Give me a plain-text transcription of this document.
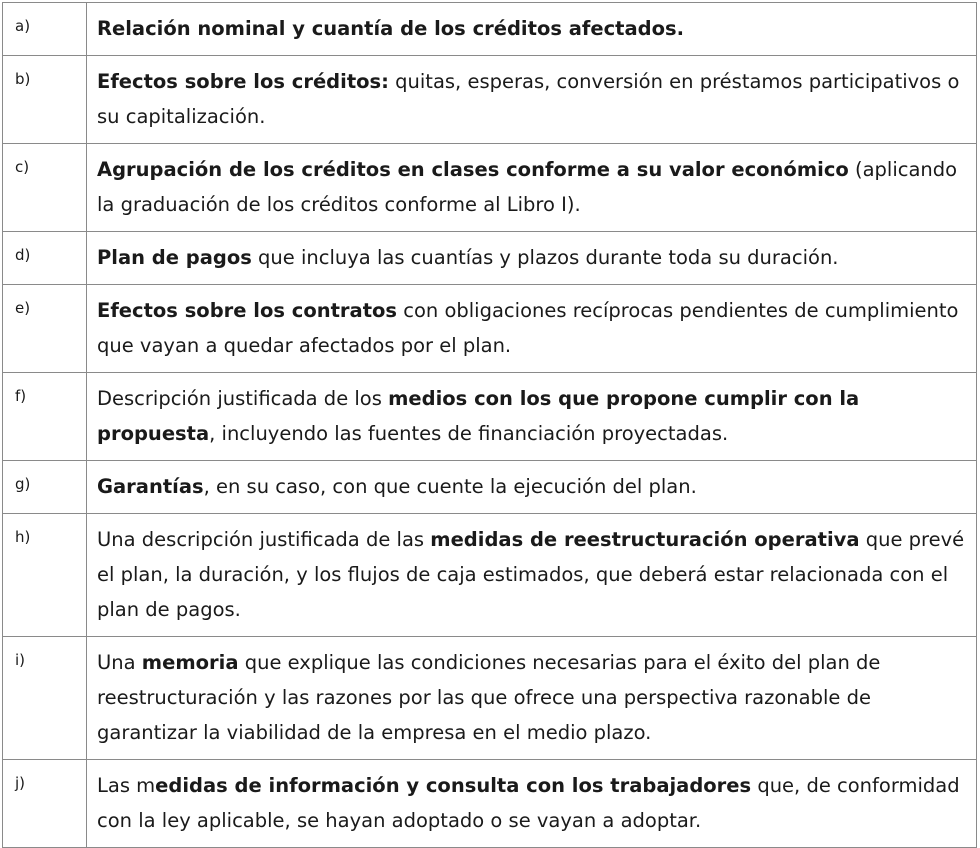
a)	Relación nominal y cuantía de los créditos afectados.
b)	Efectos sobre los créditos: quitas, esperas, conversión en préstamos participativos o su capitalización.
c)	Agrupación de los créditos en clases conforme a su valor económico (aplicando la graduación de los créditos conforme al Libro I).
d)	Plan de pagos que incluya las cuantías y plazos durante toda su duración.
e)	Efectos sobre los contratos con obligaciones recíprocas pendientes de cumplimiento que vayan a quedar afectados por el plan.
f)	Descripción justificada de los medios con los que propone cumplir con la propuesta, incluyendo las fuentes de financiación proyectadas.
g)	Garantías, en su caso, con que cuente la ejecución del plan.
h)	Una descripción justificada de las medidas de reestructuración operativa que prevé el plan, la duración, y los flujos de caja estimados, que deberá estar relacionada con el plan de pagos.
i)	Una memoria que explique las condiciones necesarias para el éxito del plan de reestructuración y las razones por las que ofrece una perspectiva razonable de garantizar la viabilidad de la empresa en el medio plazo.
j)	Las medidas de información y consulta con los trabajadores que, de conformidad con la ley aplicable, se hayan adoptado o se vayan a adoptar.
